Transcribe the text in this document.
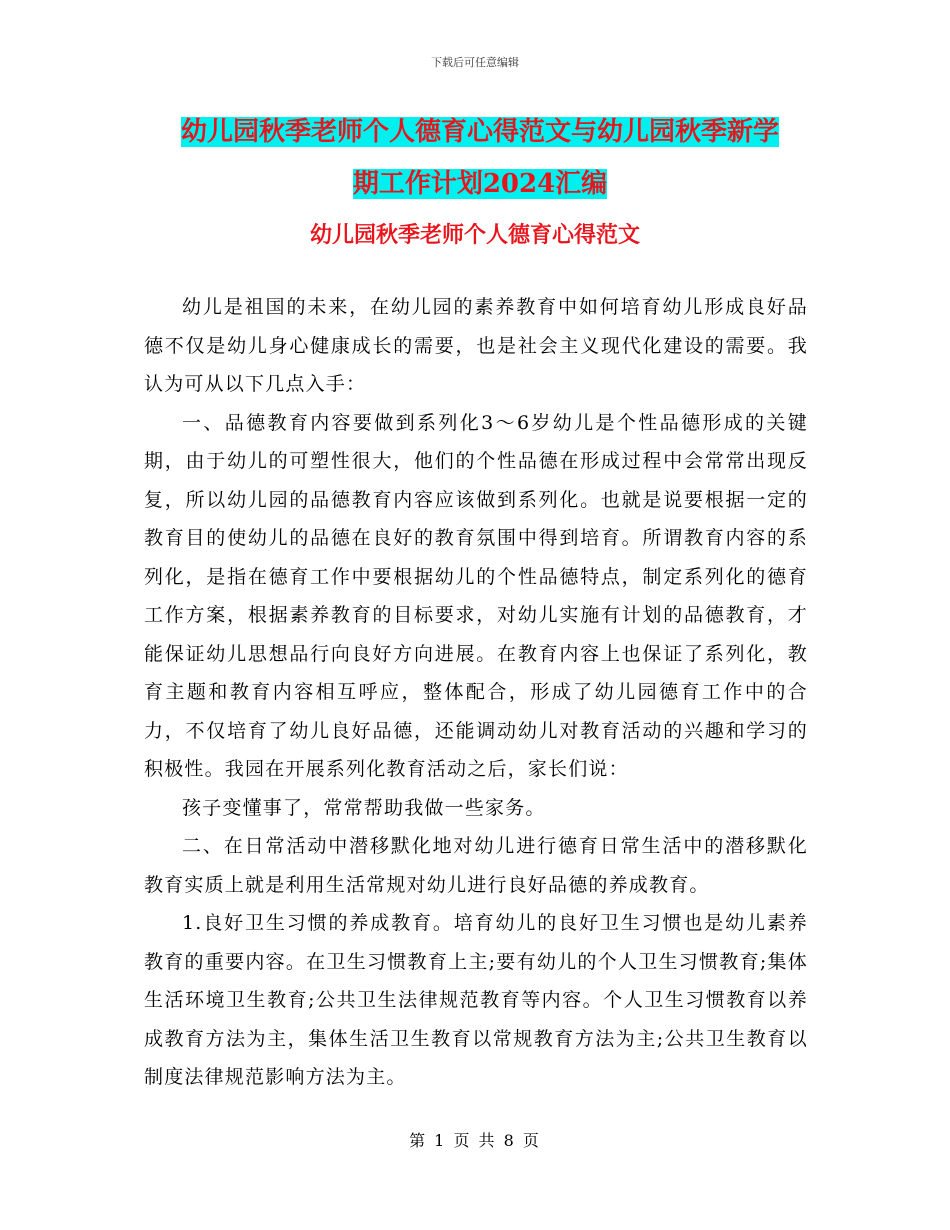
下载后可任意编辑
幼儿园秋季老师个人德育心得范文与幼儿园秋季新学
期工作计划2024汇编
幼儿园秋季老师个人德育心得范文

幼儿是祖国的未来，在幼儿园的素养教育中如何培育幼儿形成良好品德不仅是幼儿身心健康成长的需要，也是社会主义现代化建设的需要。我认为可从以下几点入手：

一、品德教育内容要做到系列化3～6岁幼儿是个性品德形成的关键期，由于幼儿的可塑性很大，他们的个性品德在形成过程中会常常出现反复，所以幼儿园的品德教育内容应该做到系列化。也就是说要根据一定的教育目的使幼儿的品德在良好的教育氛围中得到培育。所谓教育内容的系列化，是指在德育工作中要根据幼儿的个性品德特点，制定系列化的德育工作方案，根据素养教育的目标要求，对幼儿实施有计划的品德教育，才能保证幼儿思想品行向良好方向进展。在教育内容上也保证了系列化，教育主题和教育内容相互呼应，整体配合，形成了幼儿园德育工作中的合力，不仅培育了幼儿良好品德，还能调动幼儿对教育活动的兴趣和学习的积极性。我园在开展系列化教育活动之后，家长们说：

孩子变懂事了，常常帮助我做一些家务。

二、在日常活动中潜移默化地对幼儿进行德育日常生活中的潜移默化教育实质上就是利用生活常规对幼儿进行良好品德的养成教育。

1.良好卫生习惯的养成教育。培育幼儿的良好卫生习惯也是幼儿素养教育的重要内容。在卫生习惯教育上主;要有幼儿的个人卫生习惯教育;集体生活环境卫生教育;公共卫生法律规范教育等内容。个人卫生习惯教育以养成教育方法为主，集体生活卫生教育以常规教育方法为主;公共卫生教育以制度法律规范影响方法为主。

第 1 页 共 8 页
